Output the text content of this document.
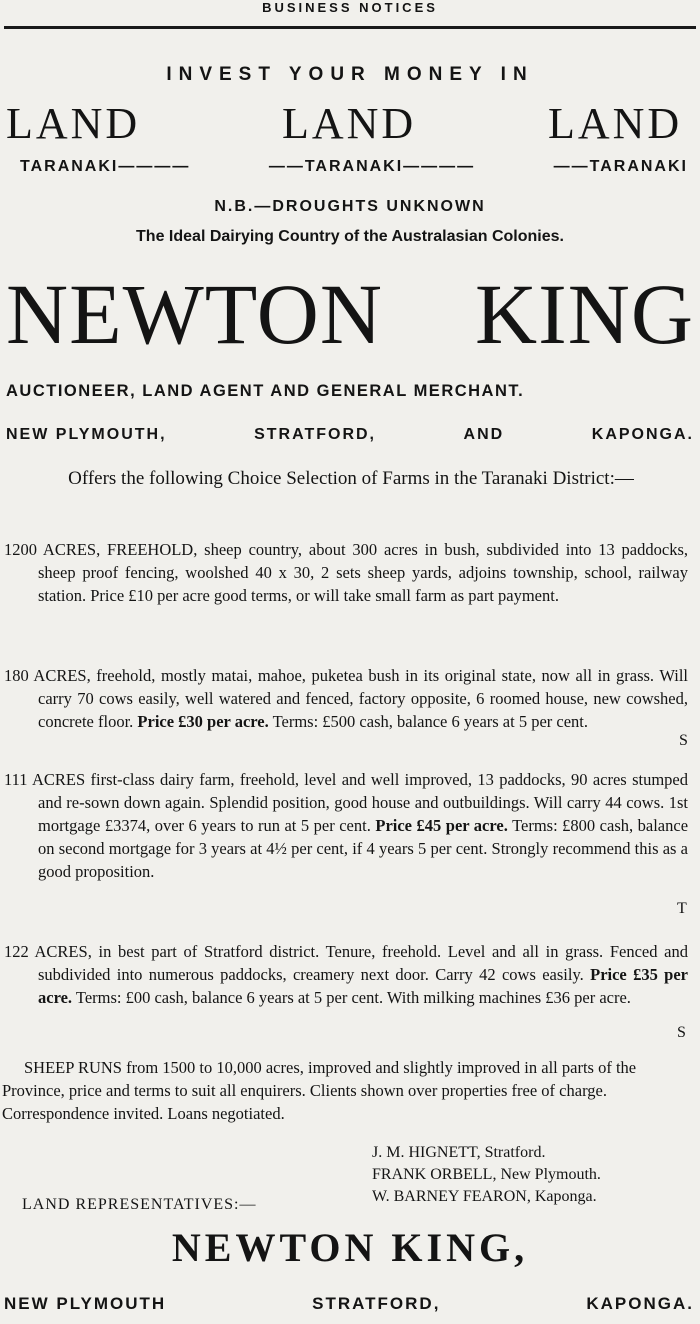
BUSINESS NOTICES
INVEST YOUR MONEY IN
LAND	LAND	LAND
TARANAKI————	——TARANAKI————	——TARANAKI
N.B.—DROUGHTS UNKNOWN
The Ideal Dairying Country of the Australasian Colonies.
NEWTON KING
AUCTIONEER, LAND AGENT AND GENERAL MERCHANT.
NEW PLYMOUTH,	STRATFORD,	AND	KAPONGA.
Offers the following Choice Selection of Farms in the Taranaki District:—

1200 ACRES, FREEHOLD, sheep country, about 300 acres in bush, subdivided into 13 paddocks, sheep proof fencing, woolshed 40 x 30, 2 sets sheep yards, adjoins township, school, railway station. Price £10 per acre good terms, or will take small farm as part payment.

180 ACRES, freehold, mostly matai, mahoe, puketea bush in its original state, now all in grass. Will carry 70 cows easily, well watered and fenced, factory opposite, 6 roomed house, new cowshed, concrete floor. Price £30 per acre. Terms: £500 cash, balance 6 years at 5 per cent.

111 ACRES first-class dairy farm, freehold, level and well improved, 13 paddocks, 90 acres stumped and re-sown down again. Splendid position, good house and outbuildings. Will carry 44 cows. 1st mortgage £3374, over 6 years to run at 5 per cent. Price £45 per acre. Terms: £800 cash, balance on second mortgage for 3 years at 4½ per cent, if 4 years 5 per cent. Strongly recommend this as a good proposition.

122 ACRES, in best part of Stratford district. Tenure, freehold. Level and all in grass. Fenced and subdivided into numerous paddocks, creamery next door. Carry 42 cows easily. Price £35 per acre. Terms: £00 cash, balance 6 years at 5 per cent. With milking machines £36 per acre.

S
T
S

SHEEP RUNS from 1500 to 10,000 acres, improved and slightly improved in all parts of the Province, price and terms to suit all enquirers. Clients shown over properties free of charge. Correspondence invited. Loans negotiated.

LAND REPRESENTATIVES:—
J. M. HIGNETT, Stratford.
FRANK ORBELL, New Plymouth.
W. BARNEY FEARON, Kaponga.
NEWTON KING,
NEW PLYMOUTH	STRATFORD,	KAPONGA.
